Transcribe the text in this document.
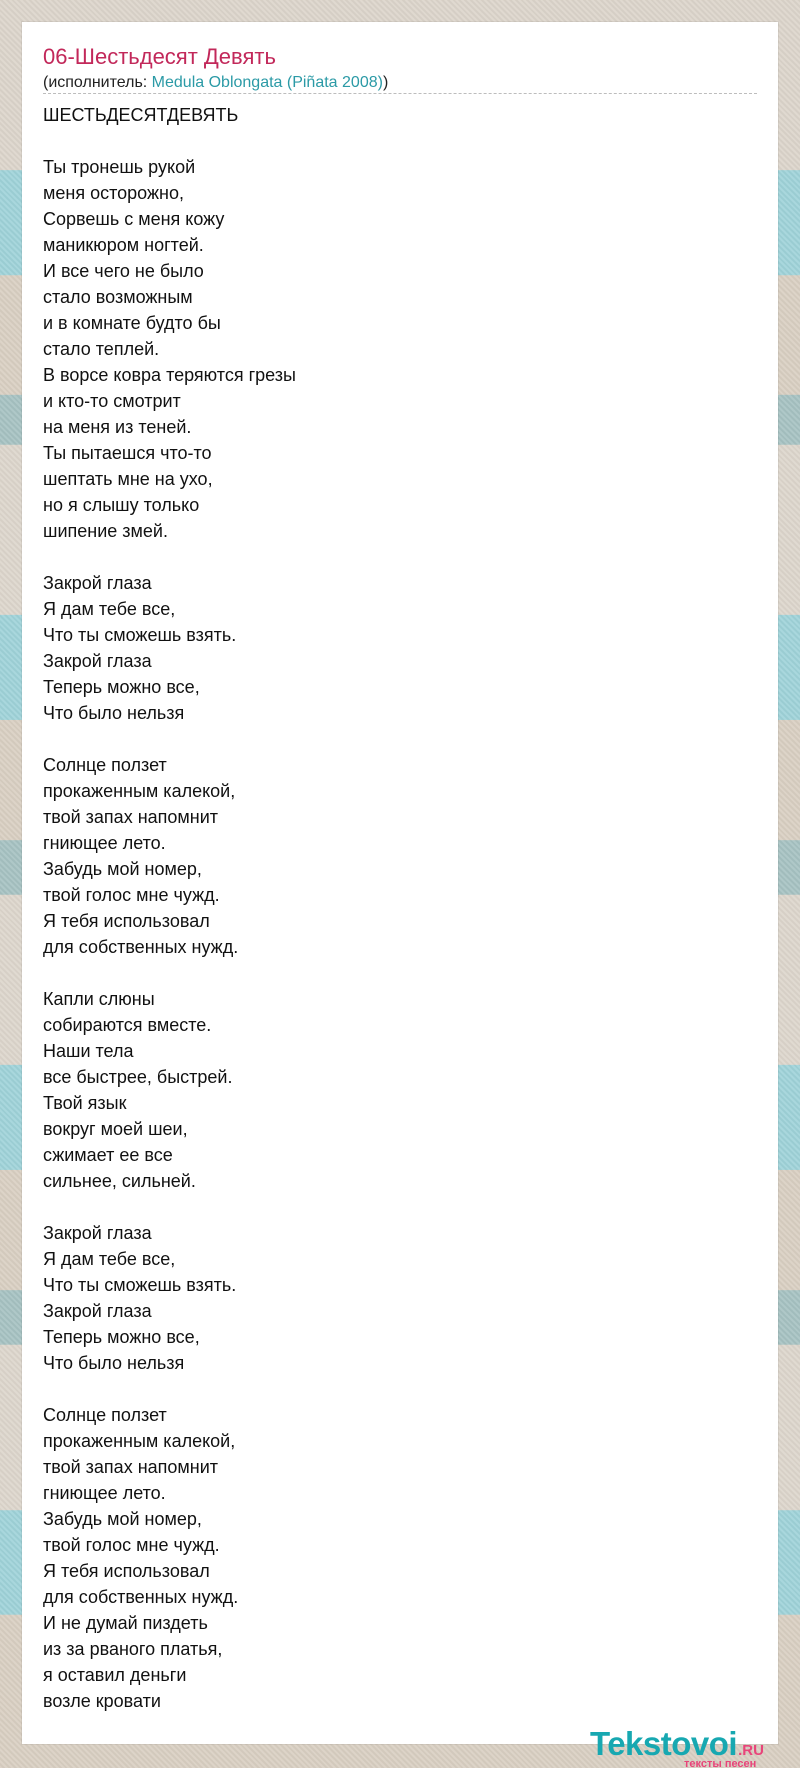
06-Шестьдесят Девять
(исполнитель: Medula Oblongata (Piñata 2008))
ШЕСТЬДЕСЯТДЕВЯТЬ
Ты тронешь рукой
меня осторожно,
Сорвешь с меня кожу
маникюром ногтей.
И все чего не было
стало возможным
и в комнате будто бы
стало теплей.
В ворсе ковра теряются грезы
и кто-то смотрит
на меня из теней.
Ты пытаешся что-то
шептать мне на ухо,
но я слышу только
шипение змей.
Закрой глаза
Я дам тебе все,
Что ты сможешь взять.
Закрой глаза
Теперь можно все,
Что было нельзя
Солнце ползет
прокаженным калекой,
твой запах напомнит
гниющее лето.
Забудь мой номер,
твой голос мне чужд.
Я тебя использовал
для собственных нужд.
Капли слюны
собираются вместе.
Наши тела
все быстрее, быстрей.
Твой язык
вокруг моей шеи,
сжимает ее все
сильнее, сильней.
Закрой глаза
Я дам тебе все,
Что ты сможешь взять.
Закрой глаза
Теперь можно все,
Что было нельзя
Солнце ползет
прокаженным калекой,
твой запах напомнит
гниющее лето.
Забудь мой номер,
твой голос мне чужд.
Я тебя использовал
для собственных нужд.
И не думай пиздеть
из за рваного платья,
я оставил деньги
возле кровати
Tekstovoi.RU
тексты песен
